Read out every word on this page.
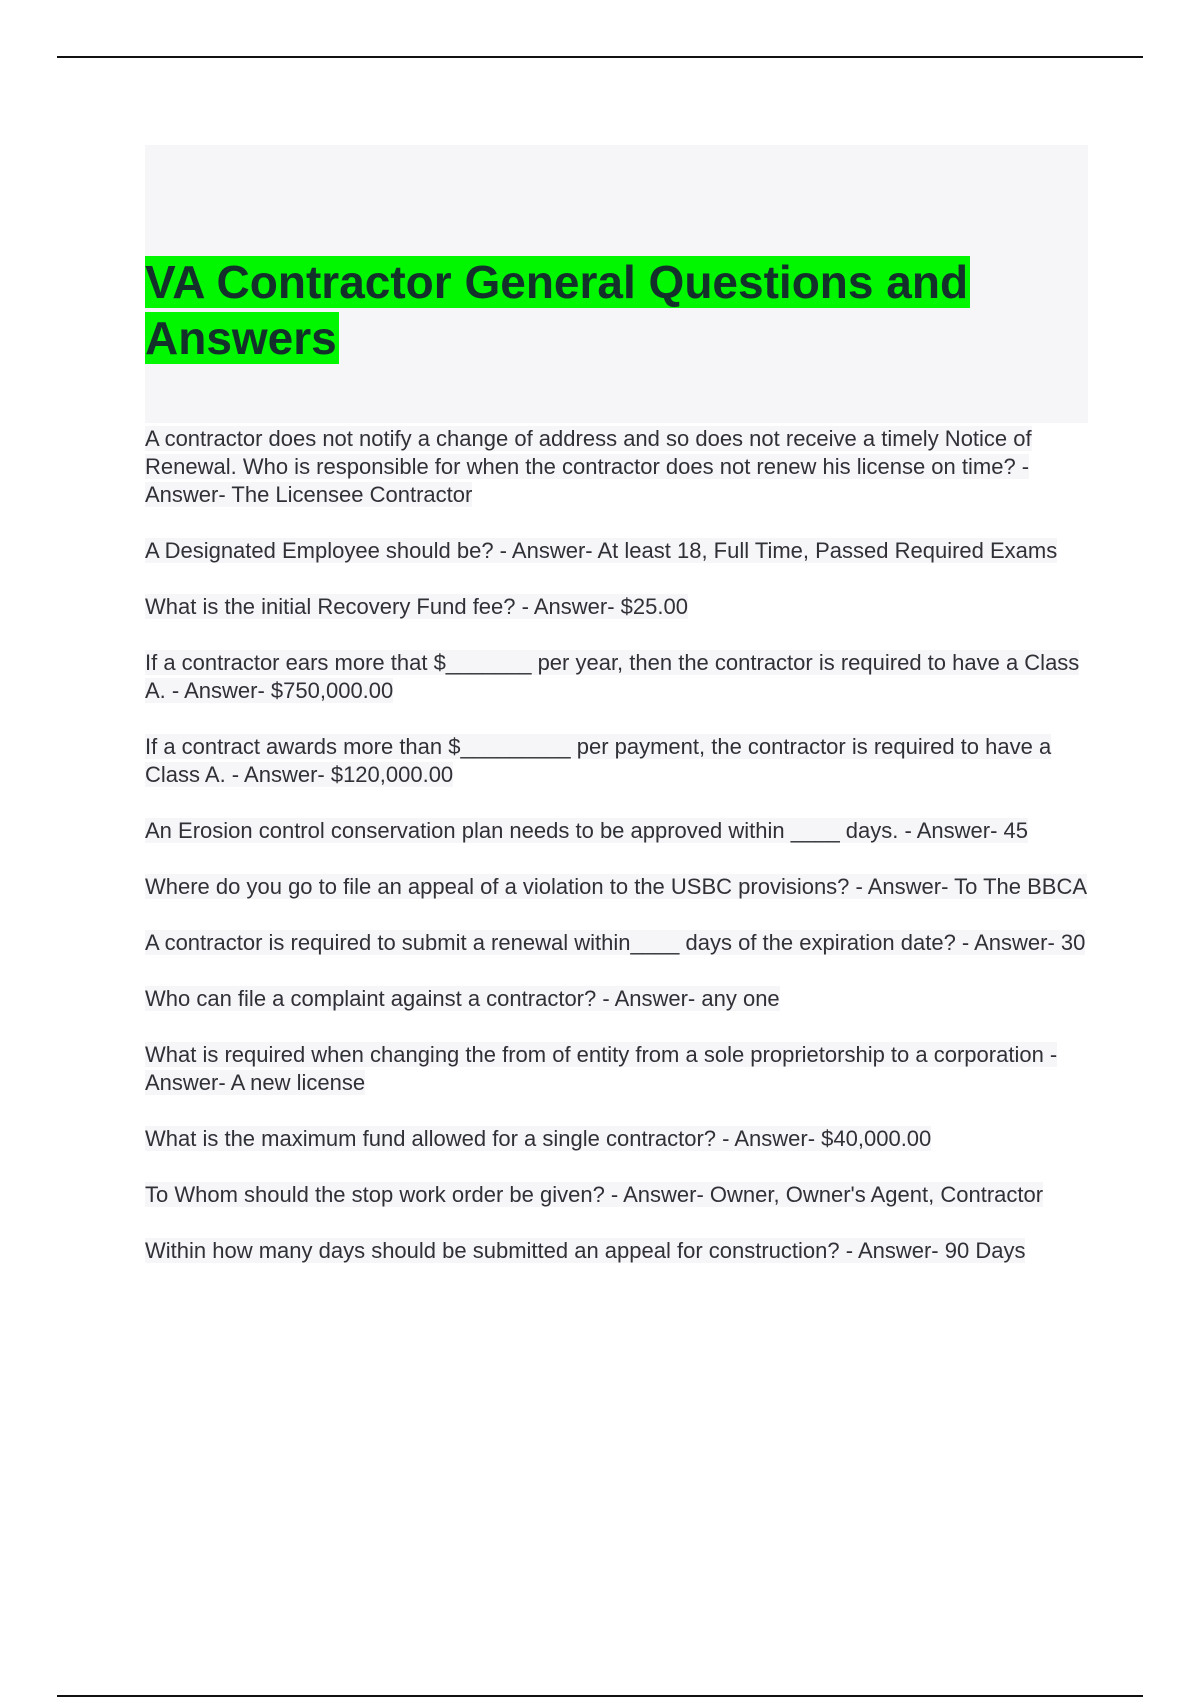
VA Contractor General Questions and Answers
A contractor does not notify a change of address and so does not receive a timely Notice of Renewal. Who is responsible for when the contractor does not renew his license on time? - Answer- The Licensee Contractor
A Designated Employee should be? - Answer- At least 18, Full Time, Passed Required Exams
What is the initial Recovery Fund fee? - Answer- $25.00
If a contractor ears more that $_______ per year, then the contractor is required to have a Class A. - Answer- $750,000.00
If a contract awards more than $_________ per payment, the contractor is required to have a Class A. - Answer- $120,000.00
An Erosion control conservation plan needs to be approved within ____ days. - Answer- 45
Where do you go to file an appeal of a violation to the USBC provisions? - Answer- To The BBCA
A contractor is required to submit a renewal within____ days of the expiration date? - Answer- 30
Who can file a complaint against a contractor? - Answer- any one
What is required when changing the from of entity from a sole proprietorship to a corporation - Answer- A new license
What is the maximum fund allowed for a single contractor? - Answer- $40,000.00
To Whom should the stop work order be given? - Answer- Owner, Owner's Agent, Contractor
Within how many days should be submitted an appeal for construction? - Answer- 90 Days
